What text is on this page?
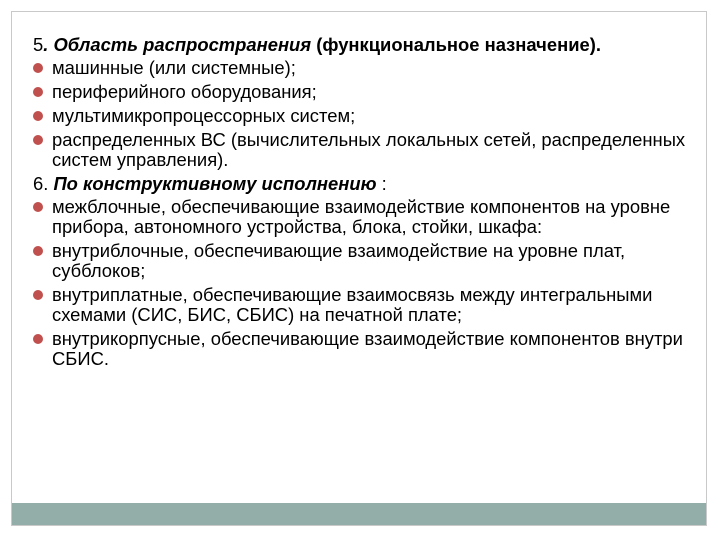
5. Область распространения (функциональное назначение).
машинные (или системные);
периферийного оборудования;
мультимикропроцессорных систем;
распределенных ВС (вычислительных локальных сетей, распределенных систем управления).
6. По конструктивному исполнению :
межблочные, обеспечивающие взаимодействие компонентов на уровне прибора, автономного устройства, блока, стойки, шкафа:
внутриблочные, обеспечивающие взаимодействие на уровне плат, субблоков;
внутриплатные, обеспечивающие взаимосвязь между интегральными схемами (СИС, БИС, СБИС) на печатной плате;
внутрикорпусные, обеспечивающие взаимодействие компонентов внутри СБИС.
